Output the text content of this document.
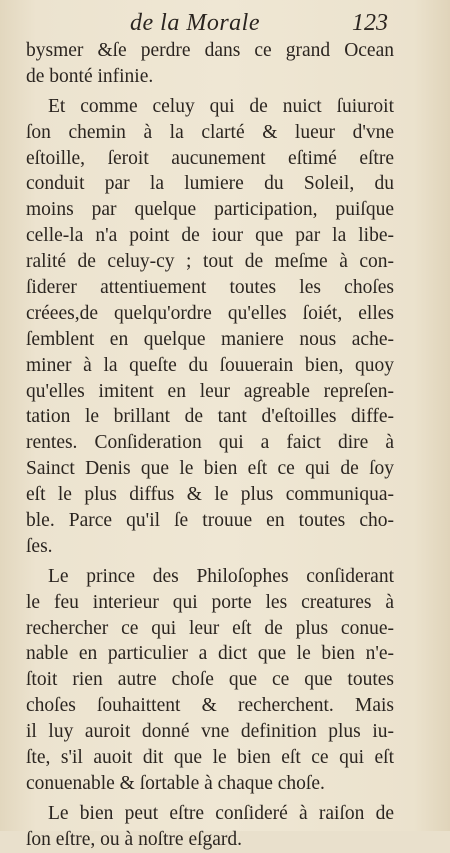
de la Morale	123
bysmer &ſe perdre dans ce grand Ocean
de bonté infinie.
Et comme celuy qui de nuict ſuiuroit
ſon chemin à la clarté & lueur d'vne
eſtoille, ſeroit aucunement eſtimé eſtre
conduit par la lumiere du Soleil, du
moins par quelque participation, puiſque
celle-la n'a point de iour que par la libe-
ralité de celuy-cy ; tout de meſme à con-
ſiderer attentiuement toutes les choſes
créees,de quelqu'ordre qu'elles ſoiét, elles
ſemblent en quelque maniere nous ache-
miner à la queſte du ſouuerain bien, quoy
qu'elles imitent en leur agreable repreſen-
tation le brillant de tant d'eſtoilles diffe-
rentes. Conſideration qui a faict dire à
Sainct Denis que le bien eſt ce qui de ſoy
eſt le plus diffus & le plus communiqua-
ble. Parce qu'il ſe trouue en toutes cho-
ſes.
Le prince des Philoſophes conſiderant
le feu interieur qui porte les creatures à
rechercher ce qui leur eſt de plus conue-
nable en particulier a dict que le bien n'e-
ſtoit rien autre choſe que ce que toutes
choſes ſouhaittent & recherchent. Mais
il luy auroit donné vne definition plus iu-
ſte, s'il auoit dit que le bien eſt ce qui eſt
conuenable & ſortable à chaque choſe.
Le bien peut eſtre conſideré à raiſon de
ſon eſtre, ou à noſtre eſgard.
